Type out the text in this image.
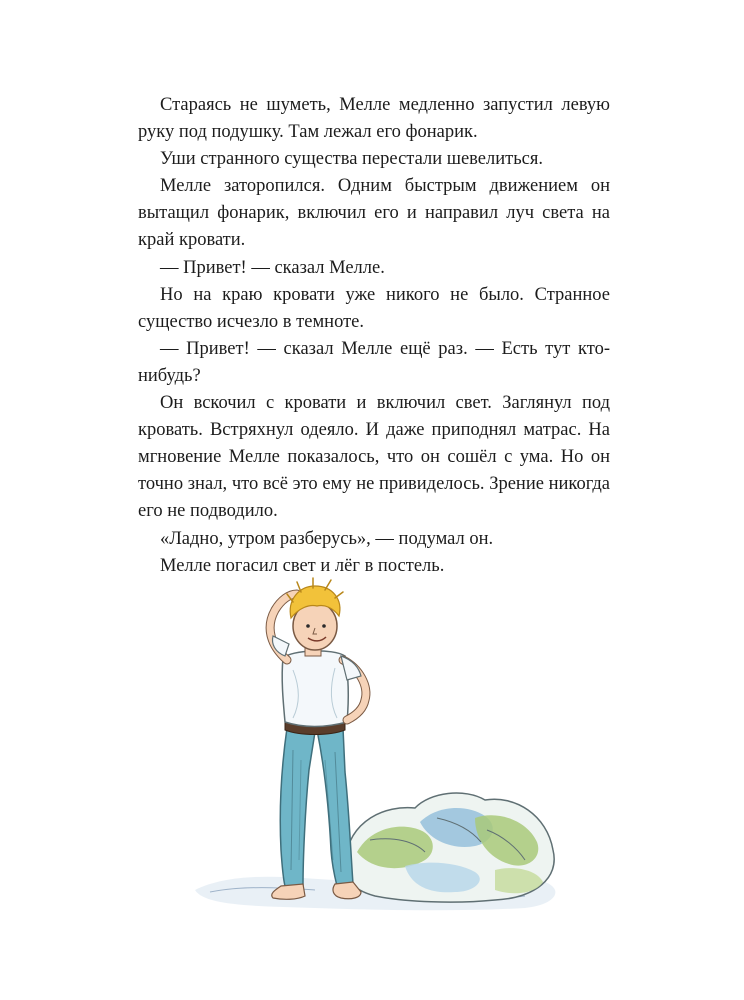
Стараясь не шуметь, Мелле медленно запустил левую руку под подушку. Там лежал его фонарик.

Уши странного существа перестали шевелиться.

Мелле заторопился. Одним быстрым движением он вытащил фонарик, включил его и направил луч света на край кровати.

— Привет! — сказал Мелле.

Но на краю кровати уже никого не было. Странное существо исчезло в темноте.

— Привет! — сказал Мелле ещё раз. — Есть тут кто-нибудь?

Он вскочил с кровати и включил свет. Заглянул под кровать. Встряхнул одеяло. И даже приподнял матрас. На мгновение Мелле показалось, что он сошёл с ума. Но он точно знал, что всё это ему не привиделось. Зрение никогда его не подводило.

«Ладно, утром разберусь», — подумал он.

Мелле погасил свет и лёг в постель.
